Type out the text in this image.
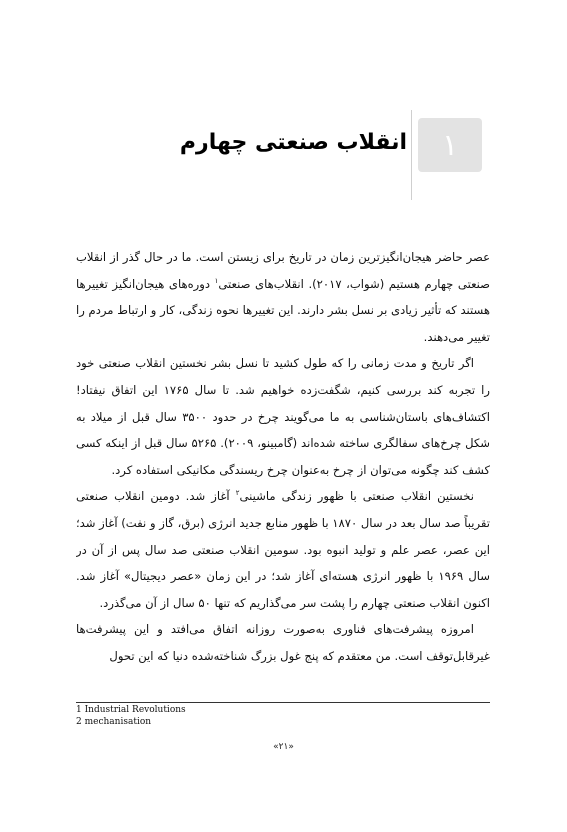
انقلاب صنعتی چهارم ۱

عصر حاضر هیجان‌انگیزترین زمان در تاریخ برای زیستن است. ما در حال گذر از انقلاب صنعتی چهارم هستیم (شواب، ۲۰۱۷). انقلاب‌های صنعتی$^۱$ دوره‌های هیجان‌انگیز تغییرها هستند که تأثیر زیادی بر نسل بشر دارند. این تغییرها نحوه زندگی، کار و ارتباط مردم را تغییر می‌دهند.

اگر تاریخ و مدت زمانی را که طول کشید تا نسل بشر نخستین انقلاب صنعتی خود را تجربه کند بررسی کنیم، شگفت‌زده خواهیم شد. تا سال ۱۷۶۵ این اتفاق نیفتاد! اکتشاف‌های باستان‌شناسی به ما می‌گویند چرخ در حدود ۳۵۰۰ سال قبل از میلاد به شکل چرخ‌های سفالگری ساخته شده‌اند (گامبینو، ۲۰۰۹). ۵۲۶۵ سال قبل از اینکه کسی کشف کند چگونه می‌توان از چرخ به‌عنوان چرخ ریسندگی مکانیکی استفاده کرد.

نخستین انقلاب صنعتی با ظهور زندگی ماشینی$^۲$ آغاز شد. دومین انقلاب صنعتی تقریباً صد سال بعد در سال ۱۸۷۰ با ظهور منابع جدید انرژی (برق، گاز و نفت) آغاز شد؛ این عصر، عصر علم و تولید انبوه بود. سومین انقلاب صنعتی صد سال پس از آن در سال ۱۹۶۹ با ظهور انرژی هسته‌ای آغاز شد؛ در این زمان «عصر دیجیتال» آغاز شد. اکنون انقلاب صنعتی چهارم را پشت سر می‌گذاریم که تنها ۵۰ سال از آن می‌گذرد.

امروزه پیشرفت‌های فناوری به‌صورت روزانه اتفاق می‌افتد و این پیشرفت‌ها غیرقابل‌توقف است. من معتقدم که پنج غول بزرگ شناخته‌شده دنیا که این تحول

1 Industrial Revolutions
2 mechanisation
«۲۱»
